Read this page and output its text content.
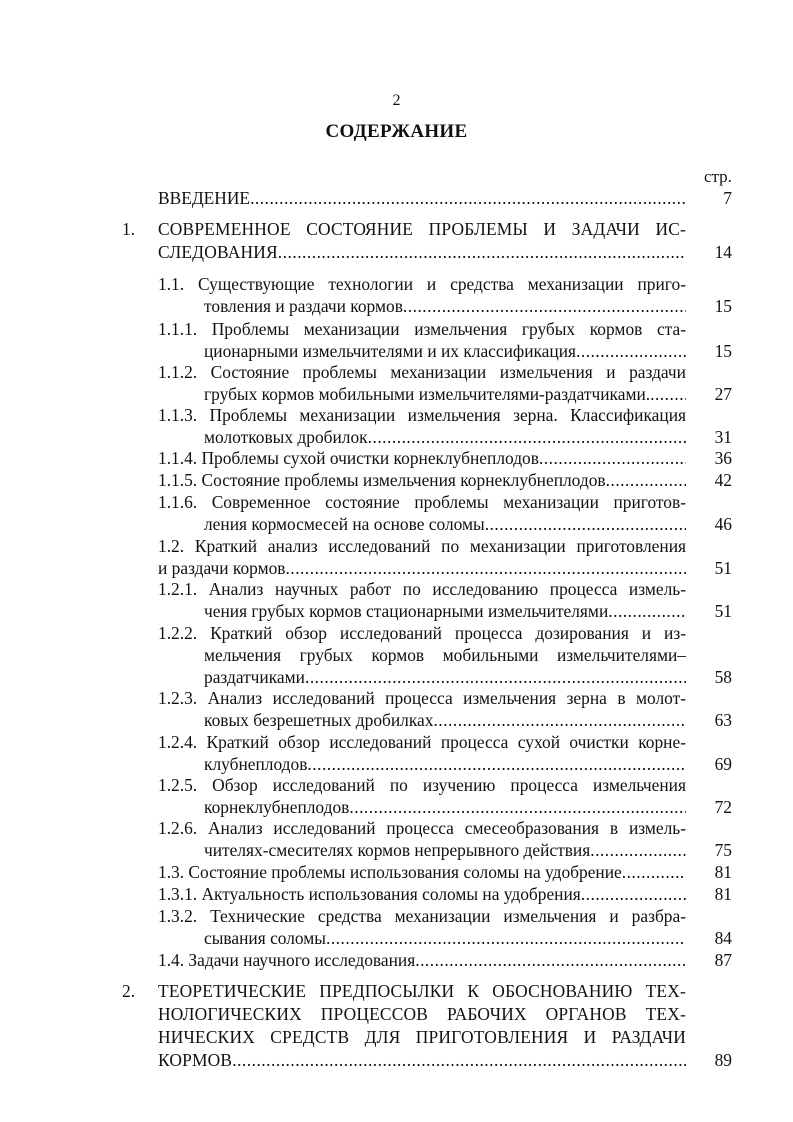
2
СОДЕРЖАНИЕ
стр.
7
ВВЕДЕНИЕ
.....
1. СОВРЕМЕННОЕ СОСТОЯНИЕ ПРОБЛЕМЫ И ЗАДАЧИ ИС-
14
СЛЕДОВАНИЯ
.....
1.1. Существующие технологии и средства механизации приго-
15
товления и раздачи кормов
.....
1.1.1. Проблемы механизации измельчения грубых кормов ста-
15
ционарными измельчителями и их классификация
.....
1.1.2. Состояние проблемы механизации измельчения и раздачи
27
грубых кормов мобильными измельчителями-раздатчиками.
.....
1.1.3. Проблемы механизации измельчения зерна. Классификация
31
молотковых дробилок
.....
36
1.1.4. Проблемы сухой очистки корнеклубнеплодов
.....
42
1.1.5. Состояние проблемы измельчения корнеклубнеплодов
.....
1.1.6. Современное состояние проблемы механизации приготов-
46
ления кормосмесей на основе соломы
.....
1.2. Краткий анализ исследований по механизации приготовления
51
и раздачи кормов
.....
1.2.1. Анализ научных работ по исследованию процесса измель-
51
чения грубых кормов стационарными измельчителями
.....
1.2.2. Краткий обзор исследований процесса дозирования и из-
мельчения грубых кормов мобильными измельчителями–
58
раздатчиками
.....
1.2.3. Анализ исследований процесса измельчения зерна в молот-
63
ковых безрешетных дробилках
.....
1.2.4. Краткий обзор исследований процесса сухой очистки корне-
69
клубнеплодов
.....
1.2.5. Обзор исследований по изучению процесса измельчения
72
корнеклубнеплодов
.....
1.2.6. Анализ исследований процесса смесеобразования в измель-
75
чителях-смесителях кормов непрерывного действия
.....
81
1.3. Состояние проблемы использования соломы на удобрение
.....
81
1.3.1. Актуальность использования соломы на удобрения
.....
1.3.2. Технические средства механизации измельчения и разбра-
84
сывания соломы
.....
87
1.4. Задачи научного исследования
.....
2. ТЕОРЕТИЧЕСКИЕ ПРЕДПОСЫЛКИ К ОБОСНОВАНИЮ ТЕХ-
НОЛОГИЧЕСКИХ ПРОЦЕССОВ РАБОЧИХ ОРГАНОВ ТЕХ-
НИЧЕСКИХ СРЕДСТВ ДЛЯ ПРИГОТОВЛЕНИЯ И РАЗДАЧИ
89
КОРМОВ
.....
